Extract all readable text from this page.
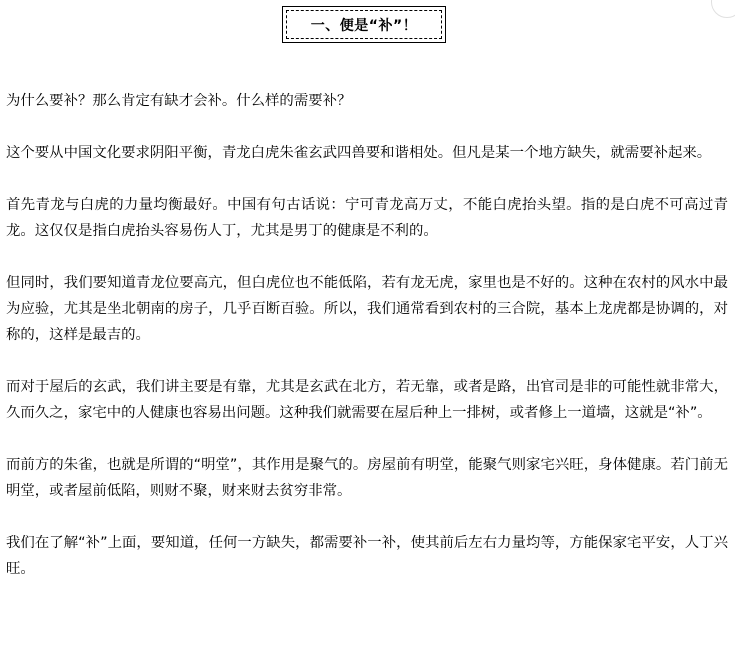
一、便是“补”！

为什么要补？那么肯定有缺才会补。什么样的需要补？

这个要从中国文化要求阴阳平衡，青龙白虎朱雀玄武四兽要和谐相处。但凡是某一个地方缺失，就需要补起来。

首先青龙与白虎的力量均衡最好。中国有句古话说：宁可青龙高万丈，不能白虎抬头望。指的是白虎不可高过青龙。这仅仅是指白虎抬头容易伤人丁，尤其是男丁的健康是不利的。

但同时，我们要知道青龙位要高亢，但白虎位也不能低陷，若有龙无虎，家里也是不好的。这种在农村的风水中最为应验，尤其是坐北朝南的房子，几乎百断百验。所以，我们通常看到农村的三合院，基本上龙虎都是协调的，对称的，这样是最吉的。

而对于屋后的玄武，我们讲主要是有靠，尤其是玄武在北方，若无靠，或者是路，出官司是非的可能性就非常大，久而久之，家宅中的人健康也容易出问题。这种我们就需要在屋后种上一排树，或者修上一道墙，这就是“补”。

而前方的朱雀，也就是所谓的“明堂”，其作用是聚气的。房屋前有明堂，能聚气则家宅兴旺，身体健康。若门前无明堂，或者屋前低陷，则财不聚，财来财去贫穷非常。

我们在了解“补”上面，要知道，任何一方缺失，都需要补一补，使其前后左右力量均等，方能保家宅平安，人丁兴旺。
